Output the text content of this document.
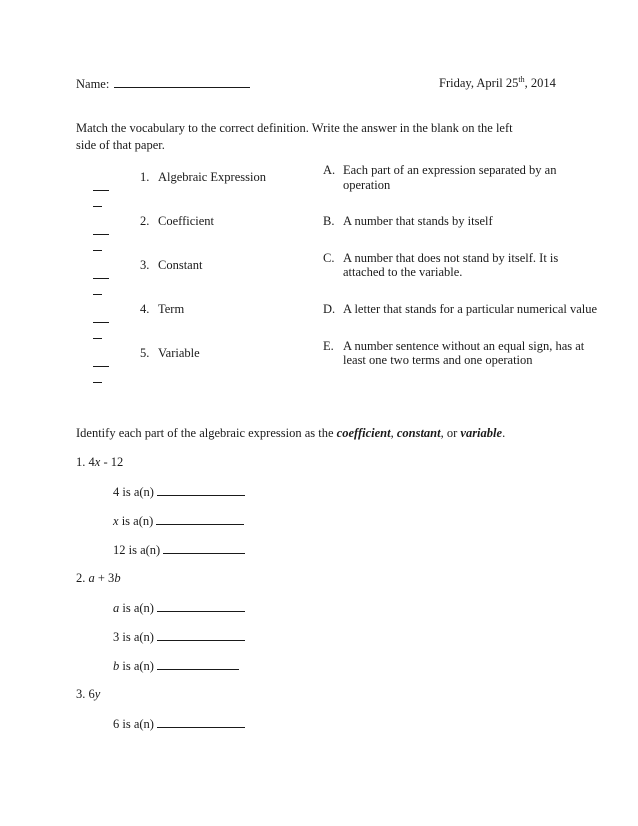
Name:	Friday, April 25th, 2014
Match the vocabulary to the correct definition. Write the answer in the blank on the left
side of that paper.
1. Algebraic Expression
2. Coefficient
3. Constant
4. Term
5. Variable
A. Each part of an expression separated by an
operation
B. A number that stands by itself
C. A number that does not stand by itself. It is
attached to the variable.
D. A letter that stands for a particular numerical value
E. A number sentence without an equal sign, has at
least one two terms and one operation
Identify each part of the algebraic expression as the coefficient, constant, or variable.
1. 4x - 12
4 is a(n)
x is a(n)
12 is a(n)
2. a + 3b
a is a(n)
3 is a(n)
b is a(n)
3. 6y
6 is a(n)
